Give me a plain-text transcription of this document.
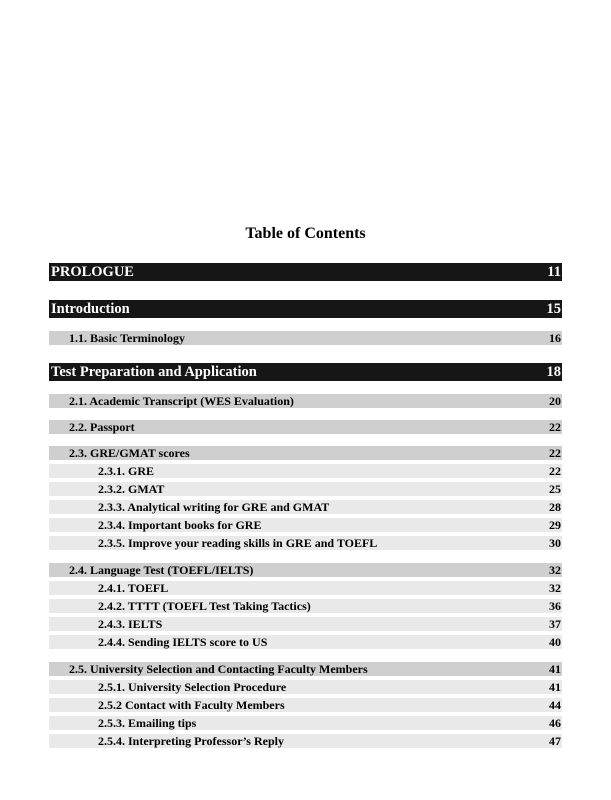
Table of Contents
PROLOGUE	11
Introduction	15
1.1. Basic Terminology	16
Test Preparation and Application	18
2.1. Academic Transcript (WES Evaluation)	20
2.2. Passport	22
2.3. GRE/GMAT scores	22
2.3.1. GRE	22
2.3.2. GMAT	25
2.3.3. Analytical writing for GRE and GMAT	28
2.3.4. Important books for GRE	29
2.3.5. Improve your reading skills in GRE and TOEFL	30
2.4. Language Test (TOEFL/IELTS)	32
2.4.1. TOEFL	32
2.4.2. TTTT (TOEFL Test Taking Tactics)	36
2.4.3. IELTS	37
2.4.4. Sending IELTS score to US	40
2.5. University Selection and Contacting Faculty Members	41
2.5.1. University Selection Procedure	41
2.5.2 Contact with Faculty Members	44
2.5.3. Emailing tips	46
2.5.4. Interpreting Professor’s Reply	47
